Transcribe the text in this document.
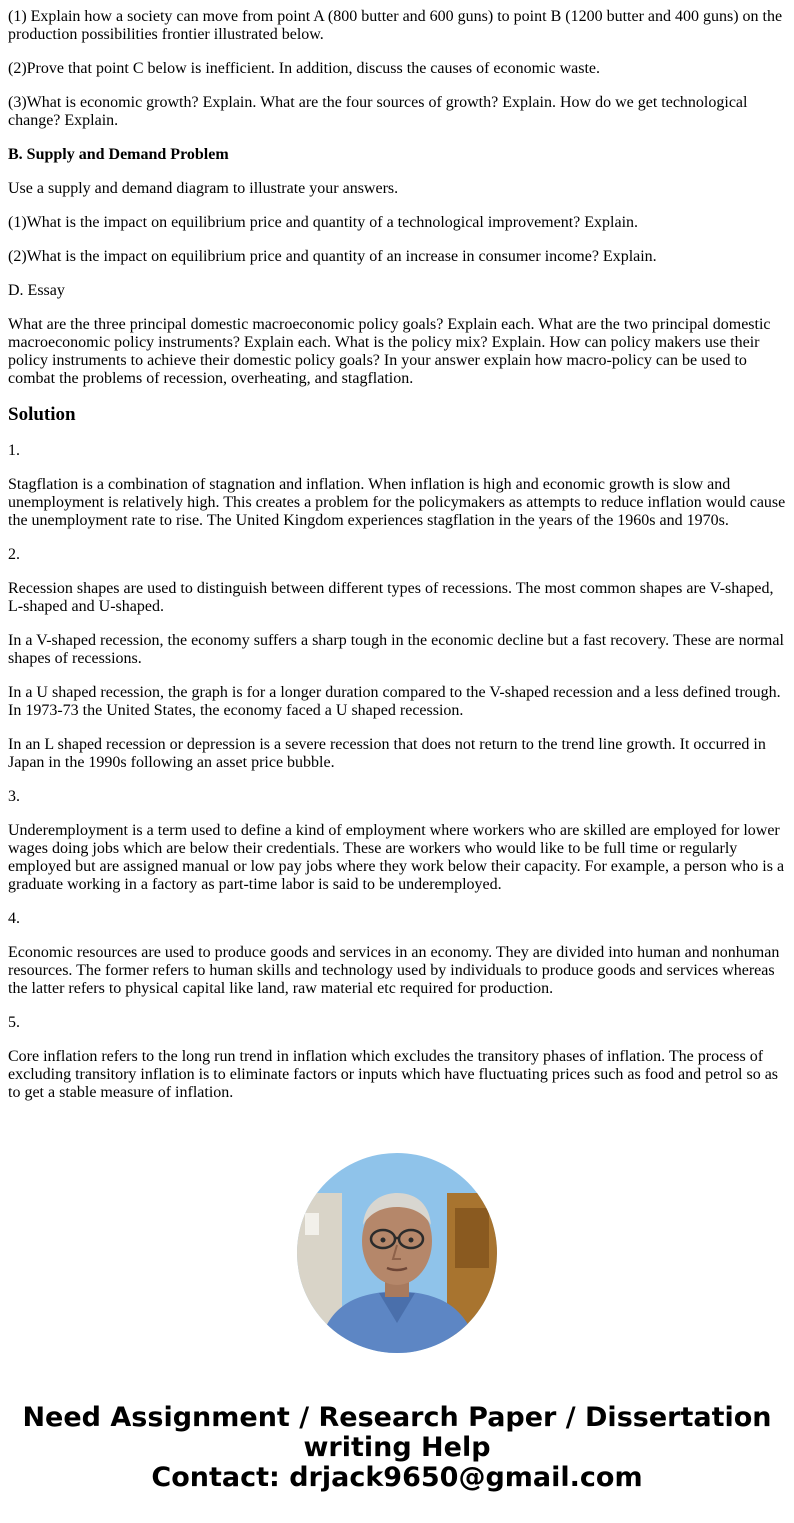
(1) Explain how a society can move from point A (800 butter and 600 guns) to point B (1200 butter and 400 guns) on the production possibilities frontier illustrated below.

(2)Prove that point C below is inefficient. In addition, discuss the causes of economic waste.

(3)What is economic growth? Explain. What are the four sources of growth? Explain. How do we get technological change? Explain.

B. Supply and Demand Problem

Use a supply and demand diagram to illustrate your answers.

(1)What is the impact on equilibrium price and quantity of a technological improvement? Explain.

(2)What is the impact on equilibrium price and quantity of an increase in consumer income? Explain.

D. Essay

What are the three principal domestic macroeconomic policy goals? Explain each. What are the two principal domestic macroeconomic policy instruments? Explain each. What is the policy mix? Explain. How can policy makers use their policy instruments to achieve their domestic policy goals? In your answer explain how macro-policy can be used to combat the problems of recession, overheating, and stagflation.

Solution

1.

Stagflation is a combination of stagnation and inflation. When inflation is high and economic growth is slow and unemployment is relatively high. This creates a problem for the policymakers as attempts to reduce inflation would cause the unemployment rate to rise. The United Kingdom experiences stagflation in the years of the 1960s and 1970s.

2.

Recession shapes are used to distinguish between different types of recessions. The most common shapes are V-shaped, L-shaped and U-shaped.

In a V-shaped recession, the economy suffers a sharp tough in the economic decline but a fast recovery. These are normal shapes of recessions.

In a U shaped recession, the graph is for a longer duration compared to the V-shaped recession and a less defined trough. In 1973-73 the United States, the economy faced a U shaped recession.

In an L shaped recession or depression is a severe recession that does not return to the trend line growth. It occurred in Japan in the 1990s following an asset price bubble.

3.

Underemployment is a term used to define a kind of employment where workers who are skilled are employed for lower wages doing jobs which are below their credentials. These are workers who would like to be full time or regularly employed but are assigned manual or low pay jobs where they work below their capacity. For example, a person who is a graduate working in a factory as part-time labor is said to be underemployed.

4.

Economic resources are used to produce goods and services in an economy. They are divided into human and nonhuman resources. The former refers to human skills and technology used by individuals to produce goods and services whereas the latter refers to physical capital like land, raw material etc required for production.

5.

Core inflation refers to the long run trend in inflation which excludes the transitory phases of inflation. The process of excluding transitory inflation is to eliminate factors or inputs which have fluctuating prices such as food and petrol so as to get a stable measure of inflation.

Need Assignment / Research Paper / Dissertation
writing Help
Contact: drjack9650@gmail.com
